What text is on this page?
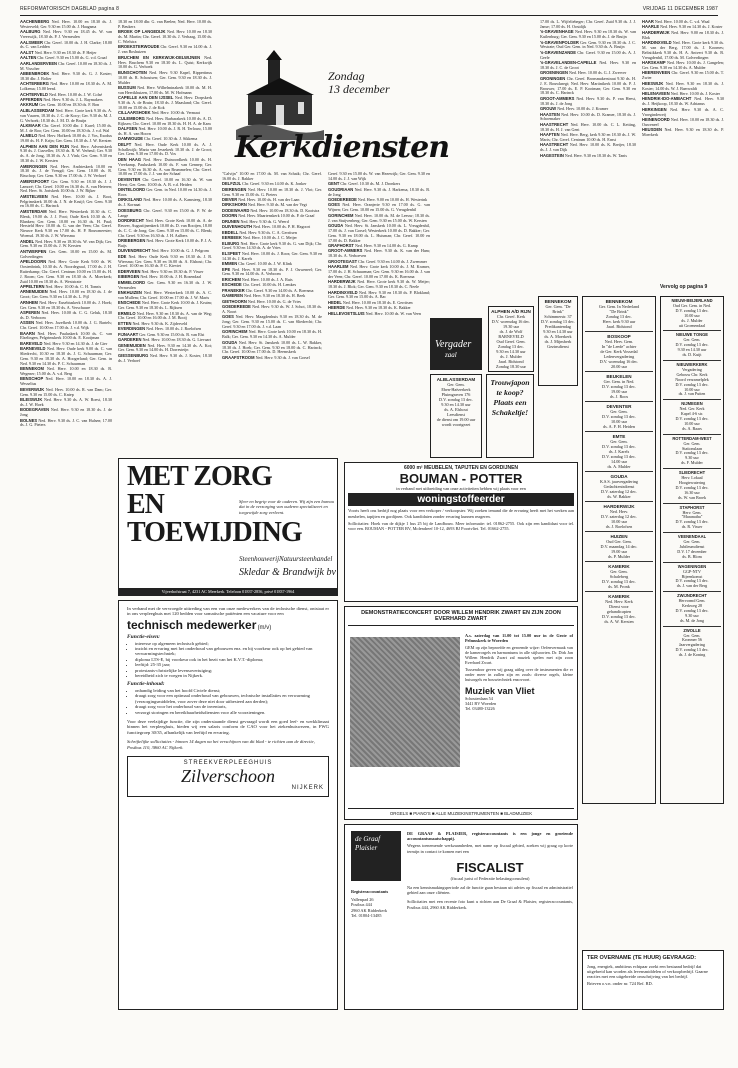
REFORMATORISCH DAGBLAD pagina 8	VRIJDAG 11 DECEMBER 1987

AACHENBERG Ned. Herv. 10.00 en 18.30 ds. J. Westerveld; Ger. 9.30 en 15.00 ds. J. Haagsma

AALBURG Ned. Herv. 9.30 en 18.45 ds. W. van Vreeswijk, 18.30 ds. P. J. Vermeulen

AALSMEER Chr. Geref. 10.00 ds. J. H. Clarke; 18.00 ds. C. van Ledden

AALST Ned. Herv. 9.30 en 18.30 ds. P. Heijer

AALTEN Chr. Geref. 9.30 en 15.00 ds. G. v.d. Graaf

AARLANDERVEEN Chr. Geref. 10.00 en 18.30 ds. J. M. Visscher

ABBENBROEK Ned. Herv. 9.30 ds. G. J. Koster; 18.30 dhr. J. Bolier

ACHTERBERG Ned. Herv. 10.00 en 18.30 ds. A. M. Lolkema; 15.00 leesd.

ACHTERVELD Ned. Herv. 10.00 ds. J. W. Colsé

AFFERDEN Ned. Herv. 9.30 ds. J. L. Raymakers

AKKRUM Ger. Gem. 10.00 en 18.30 ds. F. Bon

ALBLASSERDAM Ned. Herv. Grote kerk 9.30 ds. A. van Vuuren, 18.30 ds. J. C. de Kooy; Ger. 9.30 ds. M. J. G. Verhoek; 18.30 ds. J. M. D. de Bruijn

ALKMAAR Chr. Geref. 10.00 dhr. J. Karel; 15.00 ds. M. J. de Roo; Ger. Gem. 10.00 en 18.30 ds. J. v.d. Wal

ALMELO Ned. Herv. Hofkerk 10.00 ds. J. Vos, Exodus 19.00 ds. H. F. Krijn; Ger. Gem. 18.30 ds. J. W. Kersten

ALPHEN AAN DEN RIJN Ned. Herv. Adventskerk 9.30 ds. J. Cusveller, 18.30 ds. R. W. Verheul; Ger. 9.30 ds. A. de Jong, 18.30 ds. A. J. Vink; Ger. Gem. 9.30 en 18.30 ds. J. W. Kersten

AMERONGEN Ned. Herv. Andrieskerk 10.00 en 18.30 ds. J. de Vreugd; Ger. Gem. 10.00 ds. R. Bisschop; Ger. Gem. 9.30 en 17.00 ds. J. W. Verhoef

AMERSFOORT Ger. Gem. 9.30 en 18.30 ds. J. J. Lamoré; Chr. Geref. 10.00 en 16.30 ds. A. van Heteren; Ned. Herv. St. Joriskerk 10.00 ds. J. W. Bijker

AMSTELVEEN Ned. Herv. 10.00 ds. J. Boot, Pelgrimskerk 10.00 ds. J. N. de Kruijf; Ger. Gem. 9.30 en 16.00 ds. C. Harinck

AMSTERDAM Ned. Herv. Westerkerk 10.30 ds. C. Blenk, 19.00 ds. J. J. Poot; Oude Kerk 10.30 ds. A. Blanken; Ger. Gem. 10.00 en 16.30 ds. H. Paul; Hersteld Herv. 10.00 ds. G. van der Veen; Chr. Geref. Nieuwe Kerk 9.30 en 17.00 ds. H. P. Bouwmeester; Woensd. 19.30 ds. J. W. Wiersma

ANDEL Ned. Herv. 9.30 en 18.30 ds. W. van Dijk; Ger. Gem. 9.30 en 15.00 ds. J. W. Kersten

ANTWERPEN Ger. Gem. 10.00 en 15.00 ds. M. Golverdingen

APELDOORN Ned. Herv. Grote Kerk 9.00 ds. W. Oostenbrink, 10.30 ds. A. Noordegraaf, 17.00 ds. J. H. Ruiterkamp; Chr. Geref. Centrum 10.00 en 15.00 ds. H. J. Room; Ger. Gem. 9.30 en 18.30 ds. A. Moerkerk; Zuid 10.00 en 18.30 ds. A. Weststrate

APPELTERN Ned. Herv. 10.00 ds. C. H. Tonnis

ARNEMUIDEN Ned. Herv. 10.00 en 18.30 ds. J. de Groot; Ger. Gem. 9.30 en 14.30 ds. L. Pijl

ARNHEM Ned. Herv. Eusebiuskerk 10.00 ds. J. Hoek; Ger. Gem. 9.30 en 18.30 ds. A. Verschuure

ASPEREN Ned. Herv. 10.00 ds. C. G. Geluk, 18.30 ds. D. Verboom

ASSEN Ned. Herv. Jozefkerk 10.00 ds. J. G. Bartels; Chr. Geref. 10.00 en 17.00 ds. J. v.d. Wijk

BAARN Ned. Herv. Pauluskerk 10.00 ds. C. van Elzelingen, Pelgrimskerk 10.00 ds. E. Kooijman

BAREVELD Ned. Herv. 9.30 en 14.30 ds. J. de Gier

BARNEVELD Ned. Herv. Oude kerk 9.00 ds. C. van Sliedrecht, 10.30 en 18.30 ds. J. G. Schuurman; Ger. Gem. 9.30 en 18.30 ds. A. Hoogerland; Ger. Gem. in Ned. 9.30 en 14.30 ds. P. C. Schuurman

BENNEKOM Ned. Herv. 10.00 en 18.30 ds. B. Wegener; 15.00 ds. A. v.d. Berg

BENSCHOP Ned. Herv. 10.00 en 18.30 ds. A. J. Wesselius

BEVERWIJK Ned. Herv. 10.00 ds. R. van Dam; Ger. Gem. 9.30 en 15.00 ds. C. Kniep

BLEISWIJK Ned. Herv. 9.30 ds. A. W. Roest, 18.30 ds. J. W. Hoek

BODEGRAVEN Ned. Herv. 9.30 en 18.30 ds. J. de Jong

BOLNES Ned. Herv. 9.30 ds. J. C. van Hulsen; 17.00 ds. J. G. Pieters

18.30 en 18.00 dhr. G. van Beelen; Ned. Herv. 10.00 ds. P. Beukers

BROEK OP LANGEDIJK Ned. Herv. 10.00 en 18.30 ds. M. Martin; Chr. Geref. 10.30 ds. J. Verhaag, 15.00 ds. C. Wielstra

BROEKSTERWOUDE Chr. Geref. 9.30 en 14.00 ds. J. J. van Boshuizen

BRUCHEM EN KERKWIJK-DELWIJNEN Ned. Herv. Bruchem 9.30 en 18.30 ds. L. Quist; Kerkwijk 10.00 ds. G. Verhoek

BUNSCHOTEN Ned. Herv. 9.30 Kapel, Rippertinus 10.00 ds. R. Schoutsen; Ger. Gem. 9.30 en 18.30 ds. J. Mulder

BUSSUM Ned. Herv. Wilhelminakerk 10.00 ds. M. H. van Heerikhuizen, 17.00 ds. M. W. Hofmann

CAPELLE AAN DEN IJSSEL Ned. Herv. Dorpskerk 9.30 ds. A. de Bruin; 18.30 ds. J. Maasland; Chr. Geref. 10.00 en 15.00 ds. J. de Kok

CILLAARSHOEK Ned. Herv. 10.00 ds. Vermaat

CULEMBORG Ned. Herv. Barbarakerk 10.00 ds. A. D. Rijksen; Chr. Geref. 10.00 en 18.30 ds. H. H. A. de Kam

DALFSEN Ned. Herv. 10.00 ds. J. R. H. Terlouw, 15.00 ds. H. A. van Hoorn

DAMWOUDE Chr. Geref. 10.30 ds. J. Sikkema

DELFT Ned. Herv. Oude Kerk 10.00 ds. A. J. Schalkwijk; Maria van Jessekerk 10.30 ds. J. de Groot; Ger. Gem. 9.30 en 17.00 ds. D. Vos

DEN HAAG Ned. Herv. Duinoordkerk 10.00 ds. H. Vreekamp, Pauluskerk 10.00 ds. F. van Gennep; Ger. Gem. 9.30 en 16.30 ds. A. van Brummelen; Chr. Geref. 10.00 en 17.00 ds. J. J. van der Schaaf

DEVENTER Chr. Geref. 10.00 en 16.30 ds. W. van Heest; Ger. Gem. 10.00 ds. A. B. v.d. Heiden

DINTELOORD Ger. Gem. in Ned. 10.00 en 14.30 ds. J. Roos

DIRKSLAND Ned. Herv. 10.00 ds. A. Kamsteeg, 18.30 ds. J. Kornaat

DOESBURG Chr. Geref. 9.30 en 15.00 ds. P. W. de Lange

DORDRECHT Ned. Herv. Grote Kerk 10.00 ds. A. de Reuver, Augustijnenkerk 10.00 ds. D. van Rooijen, 18.00 ds. C. C. de Jong; Ger. Gem. 9.30 en 15.00 ds. C. Blenk; Chr. Geref. 9.30 en 16.30 ds. J. H. Aalbers

DRIEBERGEN Ned. Herv. Grote Kerk 10.00 ds. P. J. A. Buijs

DUIVENDRECHT Ned. Herv. 10.00 ds. G. J. Pelgrom

EDE Ned. Herv. Oude Kerk 9.30 en 18.30 ds. J. B. Wiersma; Ger. Gem. 9.30 en 16.00 ds. A. Elshout; Chr. Geref. 10.00 en 16.30 ds. P. C. Kieviet

EDERVEEN Ned. Herv. 9.30 en 18.30 ds. P. Visser

EIBERGEN Ned. Herv. 10.00 ds. J. H. Rozendaal

EMMELOORD Ger. Gem. 9.30 en 16.30 ds. J. W. Vermeulen

ENKHUIZEN Ned. Herv. Westerkerk 10.00 ds. A. C. van Mullem; Chr. Geref. 10.00 en 17.00 ds. J. W. Maris

ENSCHEDE Ned. Herv. Grote Kerk 10.00 ds. J. Kruim; Ger. Gem. 9.30 en 18.30 ds. L. Rijksen

ERMELO Ned. Herv. 9.30 en 18.30 ds. A. van de Weg; Chr. Geref. 10.00 en 16.00 ds. J. M. Booij

ETTEN Ned. Herv. 9.30 ds. K. Zijderveld

EVERDINGEN Ned. Herv. 10.00 ds. J. Roelofsen

FIJNAART Ger. Gem. 9.30 en 15.00 ds. B. van Elst

GARDEREN Ned. Herv. 10.00 en 18.30 ds. G. Lievaart

GENEMUIDEN Ned. Herv. 9.30 en 14.30 ds. A. Kot; Ger. Gem. 9.30 en 14.00 ds. H. Dorresteijn

GIESSENBURG Ned. Herv. 9.30 ds. J. Koster, 18.30 ds. J. Verhoef

"Calvijn" 10.00 en 17.00 ds. M. van Schaik; Chr. Geref. 16.00 ds. J. Bakker

DELFZIJL Chr. Geref. 9.30 en 14.00 ds. K. Jonker

DIERENGEN Ned. Herv. 10.00 en 18.30 ds. J. Vlot; Ger. Gem. 9.30 en 15.00 ds. G. Pieters

DIEVER Ned. Herv. 10.00 ds. H. van der Laan

DIRKSHORN Ned. Herv. 9.30 ds. M. van der Vegt

DODEWAARD Ned. Herv. 10.00 en 18.30 ds. D. Kooistra

DOORN Ned. Herv. Maartenskerk 10.00 ds. P. de Graaf

DRUNEN Ned. Herv. 9.30 ds. G. Weerd

DUIVENHOUTH Ned. Herv. 10.00 ds. P. H. Hagoort

EBDELL Ned. Herv. 9.30 ds. C. A. Gerritsen

EERBEEK Ned. Herv. 10.00 ds. J. C. Meijer

ELBURG Ned. Herv. Grote kerk 9.30 ds. G. van Dijk; Chr. Geref. 9.30 en 14.30 ds. A. de Vries

ELSPEET Ned. Herv. 10.00 ds. J. Roos; Ger. Gem. 9.30 en 14.30 ds. J. Karels

EMMEN Chr. Geref. 10.00 ds. J. W. Klink

EPE Ned. Herv. 9.30 en 18.30 ds. P. J. Ouweneel; Ger. Gem. 9.30 en 14.00 ds. A. Verboom

ERICHEM Ned. Herv. 10.00 ds. J. A. Ruis

ESCHEDE Chr. Geref. 10.00 ds. H. Lemkes

FRANEKER Chr. Geref. 9.30 en 14.00 ds. A. Boersma

GAMEREN Ned. Herv. 9.30 en 18.30 ds. H. Beek

GIETHOORN Ned. Herv. 10.00 ds. G. de Vries

GOEDEREEDE Ned. Herv. 9.30 ds. W. J. Schot, 18.30 ds. A. Noort

GOES Ned. Herv. Maagdenhuis 9.30 en 18.30 ds. M. de Jong; Ger. Gem. 9.30 en 15.00 ds. C. van Sliedrecht; Chr. Geref. 9.30 en 17.00 ds. J. v.d. Laan

GORINCHEM Ned. Herv. Grote kerk 10.00 en 18.30 ds. H. Balk; Ger. Gem. 9.30 en 14.30 ds. A. Mulder

GOUDA Ned. Herv. St. Janskerk 10.00 ds. L. W. Bakker, 18.30 ds. J. Hoek; Ger. Gem. 9.30 en 18.00 ds. C. Harinck; Chr. Geref. 10.00 en 17.00 ds. D. Heemskerk

GRAAFSTROOM Ned. Herv. 9.30 ds. J. van Gorsel

Geref. 9.30 en 15.00 ds. W. van Hezewijk; Ger. Gem. 9.30 en 14.00 ds. J. J. van Wijk

GENT Chr. Geref. 10.30 ds. M. J. Dronkers

GOUDRIAAN Ned. Herv. 9.30 ds. J. Harkema, 18.30 ds. B. de Jong

GOEDEREEDE Ned. Herv. 9.00 en 10.00 ds. H. Westerink

GOES Ned. Herv. Oranjerie 9.30 en 17.00 ds. G. van Wijnen; Ger. Gem. 10.00 en 15.00 ds. G. Vreugdenhil

GORINCHEM Ned. Herv. 10.00 ds. M. de Leeuw; 18.30 ds. J. van Stuijvenberg; Ger. Gem. 9.30 en 15.00 ds. W. Kersten

GOUDA Ned. Herv. St. Janskerk 10.00 ds. L. Vreugdenhil, 17.00 ds. J. van Gorsel; Westerkerk 10.00 ds. D. Bakker; Ger. Gem. 9.30 en 18.00 ds. L. Huisman; Chr. Geref. 10.00 en 17.00 ds. D. Bakker

GRAFHORST Ned. Herv. 9.30 en 14.00 ds. G. Kamp

GROOT-AMMERS Ned. Herv. 9.30 ds. K. van der Ham; 18.30 ds. A. Verhoeven

GROOTEGAST Chr. Geref. 9.30 en 14.00 ds. J. Zwemmer

HAARLEM Ned. Herv. Grote kerk 10.00 ds. J. M. Kramer, 17.00 ds. J. H. Schuurman; Ger. Gem. 9.30 en 16.00 ds. J. van der Veen; Chr. Geref. 10.00 en 17.00 ds. K. Boersma

HARDERWIJK Ned. Herv. Grote kerk 9.30 ds. W. Meijer; 18.30 ds. J. Blok; Ger. Gem. 9.30 en 18.30 ds. C. Neele

HARDINXVELD Ned. Herv. 9.30 en 18.30 ds. P. Blokland; Ger. Gem. 9.30 en 15.00 ds. A. Bac

HEDEL Ned. Herv. 10.00 en 18.30 ds. E. Gerritsen

HEERDE Ned. Herv. 9.30 en 18.30 ds. K. Bakker

HELLEVOETSLUIS Ned. Herv. 10.00 ds. W. van Veen

17.00 ds. L. Wijfeliebeger; Chr. Geref. Zuid 9.30 ds. J. J. Janse; 17.00 ds. H. Oostdijk

's-GRAVENHAGE Ned. Herv. 9.30 en 18.30 ds. W. van Kuilenburg; Ger. Gem. 9.30 en 15.00 ds. J. de Bruijn

's-GRAVENPOLDER Ger. Gem. 9.30 en 18.30 ds. J. C. Westrate; Oud Ger. Gem. in Ned. 9.30 ds. A. Bruijn

's-GRAVENZANDE Chr. Geref. 9.30 en 15.00 ds. A. J. Geele

's-GRAVELANDEN-CAPELLE Ned. Herv. 9.30 en 18.30 ds. J. C. de Groot

GROENINGEN Ned. Herv. 10.00 ds. G. J. Zwerver

GRONINGEN Chr. Geref. Bronsmakerstraat 9.30 ds. H. J. E. Bouwknegt; Ned. Herv. Martinikerk 10.00 ds. P. J. Brouwer, 17.00 ds. E. P. Kooiman; Ger. Gem. 9.30 en 18.30 ds. C. Harinck

GROOT-AMMERS Ned. Herv. 9.30 ds. P. van Heest, 18.30 ds. J. de Jong

GROUW Ned. Herv. 10.00 ds. J. Kramer

HAASTEN Ned. Herv. 10.00 ds. D. Kramer, 18.30 ds. J. Schoemaker

HAASTRECHT Ned. Herv. 10.00 ds. C. L. Ketting, 18.30 ds. H. J. van Gent

HAAFTEN Ned. Herv. Berg, kerk 9.30 en 18.30 ds. J. W. Maris; Chr. Geref. Centrum 10.00 ds. H. Ernst

HAASTRECHT Ned. Herv. 10.00 ds. K. Breijer, 18.30 ds. J. J. van Dijk

HAGESTEIN Ned. Herv. 9.30 en 18.30 ds. W. Tanis

HAAR Ned. Herv. 10.00 ds. C. v.d. Waal

HAARLE Ned. Herv. 9.30 en 14.30 ds. J. Koster

HARDERWIJK Ned. Herv. 9.00 en 18.30 ds. J. Blok

HARDINXVELD Ned. Herv. Grote kerk 9.30 ds. M. van der Berg, 17.00 ds. J. Koornes; Beltstikkerk 9.30 ds. H. A. Antvert 9.30 ds. B. Vreugdenhil, 17.00 ds. M. Golverdingen

HARSKAMP Ned. Herv. 10.00 ds. J. Gangelen; Ger. Gem. 9.30 en 14.30 ds. A. Mulder

HEERENVEEN Chr. Geref. 9.30 en 15.00 ds. T. Zwier

HEESWIJK Ned. Herv. 9.30 en 18.30 ds. J. Koster; 14.00 ds. W. J. Baerwaldt

HELENAVEEN Ned. Herv. 10.00 ds. J. Koster

HENDRIK-IDO-AMBACHT Ned. Herv. 9.30 ds. J. Heijkoop, 18.30 ds. W. Adrianus

HERKINGEN Ned. Herv. 9.30 ds. A. C. Vroegindeweij

HEINENOORD Ned. Herv. 10.00 en 18.30 ds. J. Ouweneel

HEUSDEN Ned. Herv. 9.30 en 18.30 ds. P. Moerkerk

Zondag
13 december
Kerkdiensten
Vergader
zaal
ALBLASSERDAM
Ger. Gem.
Eben-Haëzerkerk
Pluimgraven 176
D.V. zondag 13 dec.
9.30 en 14.30 uur
ds. A. Elshout
Leesdienst
de dienst om 19.00 uur
wordt voortgezet
Trouwjapon
te koop?
Plaats een
Schakeltje!
ALPHEN A/D RIJN
Chr. Geref. Kerk
D.V. woensdag 16 dec.
19.30 uur
ds. J. de Wolf
BARNEVELD
Oud Geref. Gem.
Zondag 13 dec.
9.30 en 14.30 uur
ds. J. Mulder
Jaarl. Bidstond
Zondag 18.30 uur
BENNEKOM
Ger. Gem. In Nederland
"De Brink"
Zondag 13 dec.
Herv. kerk 9.30 uur
Jaarl. Bidstond
BOSKOOP
Ned. Herv. Gem.
In "de Leede" achter
de Ger. Kerk Vossedal
Ledenvergadering
D.V. woensdag 16 dec.
20.00 uur
BEUKELEN
Ger. Gem. in Ned.
D.V. zondag 13 dec.
19.00 uur
ds. J. Roos
DEVENTER
Ger. Gem.
D.V. zondag 13 dec.
10.00 uur
ds. A. F. H. Heiden
EMTE
Ger. Gem.
D.V. zondag 13 dec.
ds. J. Karels
D.V. zondag 13 dec.
14.00 uur
ds. A. Mulder
GOUDA
K.S.S. jaarvergadering
Gedachtenisdienst
D.V. zaterdag 12 dec.
ds. W. Bakker
HARDERWIJK
Ned. Herv.
D.V. zaterdag 12 dec.
10.00 uur
ds. J. Roelofsen
HUIZEN
Oud Ger. Gem.
D.V. maandag 14 dec.
19.00 uur
ds. P. Mulder
KAMERIK
Ger. Gem.
Schaleberg
D.V. zondag 13 dec.
ds. M. Pronk
KAMERIK
Ned. Herv. Kerk
Dienst voor
gehandicapten
D.V. zondag 13 dec.
ds. A. W. Kersten
NIEUW-BEIJERLAND
Oud Ger. Gem. in Ned.
D.V. zondag 13 dec.
10.00 uur
ds. J. Mulder
uit Groenendaal
NIEUWE TONGE
Ger. Gem.
D.V. zondag 13 dec.
9.30 en 14.30 uur
ds. D. Kuijt
NIEUWERKERK
Vergadering
Gebouw Chr. Kerk
Noord verzamelplek
D.V. zondag 13 dec.
10.00 uur
ds. J. van Putten
NIJMEGEN
Ned. Ger. Kerk
Kapel 4-6 str.
D.V. zondag 13 dec.
10.00 uur
ds. A. Baars
ROTTERDAM-WEST
Ger. Gem.
Stationslaan
D.V. zondag 13 dec.
9.30 uur
ds. F. Mulder
SLIEDRECHT
Herv. Lokaal
Hoogtewatering
D.V. zondag 13 dec.
16.30 uur
ds. W. van Broek
STAPHORST
Herv. Gem.
"Maranatha"
D.V. zondag 13 dec.
ds. R. Visser
VEENENDAAL
Ger. Gem.
Jubileumdienst
D.V. 17 december
ds. B. Blom
WAGENINGEN
GGP-NTV
Bijeenkomst
D.V. zondag 13 dec.
ds. J. van der Berg
ZWIJNDRECHT
Hervormd Gem.
Kerkweg 28
D.V. zondag 13 dec.
9.30 uur
ds. M. de Jong
ZWOLLE
Ger. Gem.
Kronmer 56
Jaarvergadering
D.V. zondag 13 dec.
ds. J. de Koning
BENNEKOM
Ger. Gem. "De Brink"
Schimmerstr. 37
D.V. zondag 13 dec.
Predikantendag
9.30 en 14.30 uur
ds. A. Moerkerk
ds. J. Mijnsberk
Gezinsdienst
MET ZORG EN TOEWIJDING
Sfeer en begrip voor de ouderen. Wij zijn een bureau dat in de verzorging van ouderen specialiseert en toegewijde zorg verleent.
Steenhouwerij Natuursteenhandel
Skledar & Brandwijk bv
Vijverhofstraat 7, 4231 AC Meerkerk. Telefoon 01837-2856, privé 01837-1964
6000 m² MEUBELEN, TAPIJTEN EN GORDIJNEN
BOUMAN - POTTER
in verband met uitbreiding van onze activiteiten hebben wij plaats voor een
woningstoffeerder
Voorts heeft ons bedrijf nog plaats voor een verkoper / verkoopster. Wij zoeken iemand die de ervaring heeft met het werken aan meubelen, tapijten en gordijnen. Ook kandidaten zonder ervaring kunnen reageren.
Sollicitaties: Hoek van de dijkje 1 bus 25 bij de Landbouw. Meer informatie: tel. 01862-2755. Ook zijn een kandidaat voor tel. voor een. BOUMAN - POTTER BV, Molendreef 10-12, 4693 BJ Poortvliet. Tel. 01662-2755.
In verband met de vervroegde uittreding van een van onze medewerkers van de technische dienst, ontstaat er in ons verpleeghuis met 120 bedden voor somatische patiënten een vacature voor een
technisch medewerker (m/v)
Functie-eisen:
• interesse op algemeen technisch gebied;
• inzicht en ervaring met het onderhoud van gebouwen enz. en bij voorkeur ook op het gebied van verwarmingstechniek;
• diploma LTS-E, bij voorkeur ook in het bezit van het K.V.T.-diploma;
• leeftijd: 25-35 jaar;
• protestants-christelijke levensovertuiging;
• bereidheid zich te voegen in Nijkerk.
Functie-inhoud:
• onhandig leiding van het hoofd Civiele dienst;
• draagt zorg voor een optimaal onderhoud van gebouwen, technische installaties en verwarming (verzorgingsmiddelen, voor zover deze niet door uitbesteed aan derden);
• draagt zorg voor het onderhoud van de inventaris,
• verzorgt storingen en bereikbaarheidsdiensten voor alle voorzieningen.
Voor deze veelzijdige functie, die zijn onderstaande dienst gevraagd wordt een goed leef- en werkklimaat binnen het verpleeghuis, bieden wij een salaris conform de CAO voor het ziekenhuiswezen, in FWG functiegroep 30/35, afhankelijk van leeftijd en ervaring.
Schriftelijke sollicitaties - binnen 14 dagen na het verschijnen van dit blad - te richten aan de directie, Postbus 110, 3860 AC Nijkerk.
STREEKVERPLEEGHUIS
Zilverschoon
NIJKERK
DEMONSTRATIECONCERT DOOR WILLEM HENDRIK ZWART EN ZIJN ZOON EVERHARD ZWART
A.s. zaterdag van 11.00 tot 15.00 uur in de Grote of Pelmuskerk te Woerden
GEM op zijn beproefde en geroemde wijze: Oefenvermaak van de kamerorgels en harmoniums in alle stijlsoorten. Dr. Dirk Jan Willem Hendrik Zwart zal muziek spelen met zijn zoon Everhard Zwart.
Tussendoor geven wij graag uitleg over de instrumenten die er onder meer in zullen zijn en zoals: diverse orgels, kleine huisorgels en bouwtechniek enzovoort.
Muziek van Vliet
Schoutenlaan 54
3441 BV Woerden
Tel. 03480-13226
ORGELS ■ PIANO'S ■ ALLE MUZIEKINSTRUMENTEN ■ BLADMUZIEK
de Graaf
Plaisier
DE GRAAF & PLAISIER, registeraccountants is een jonge en groeiende accountantsmaatschappij.
Wegens toenemende werkzaamheden, met name op fiscaal gebied, zoeken wij graag op korte termijn in contact te komen met een
FISCALIST
(fiscaal jurist of Federatie belastingconsulent)
Na een kennismakingsperiode zal de functie gaan bestaan uit advies op fiscaal en administratief gebied aan onze cliënten.
Sollicitaties met een recente foto kunt u richten aan De Graaf & Plaisier, registeraccountants, Postbus 444, 2960 AK Ridderkerk.
Registeraccountants
Vallenpad 26
Postbus 444
2960 AK Ridderkerk
Tel. 01804-13485
TER OVERNAME (TE HUUR) GEVRAAGD:
Jong, energiek, ambitieus echtpaar zoekt een bestaand bedrijf dat uitgebreid kan worden als levensmiddelen of verkoopbedrijf. Gaarne reacties met een uitgebreide omschrijving van het bedrijf.
Brieven o.v.n. onder nr. 724 Ref. RD.
Vervolg op pagina 9
